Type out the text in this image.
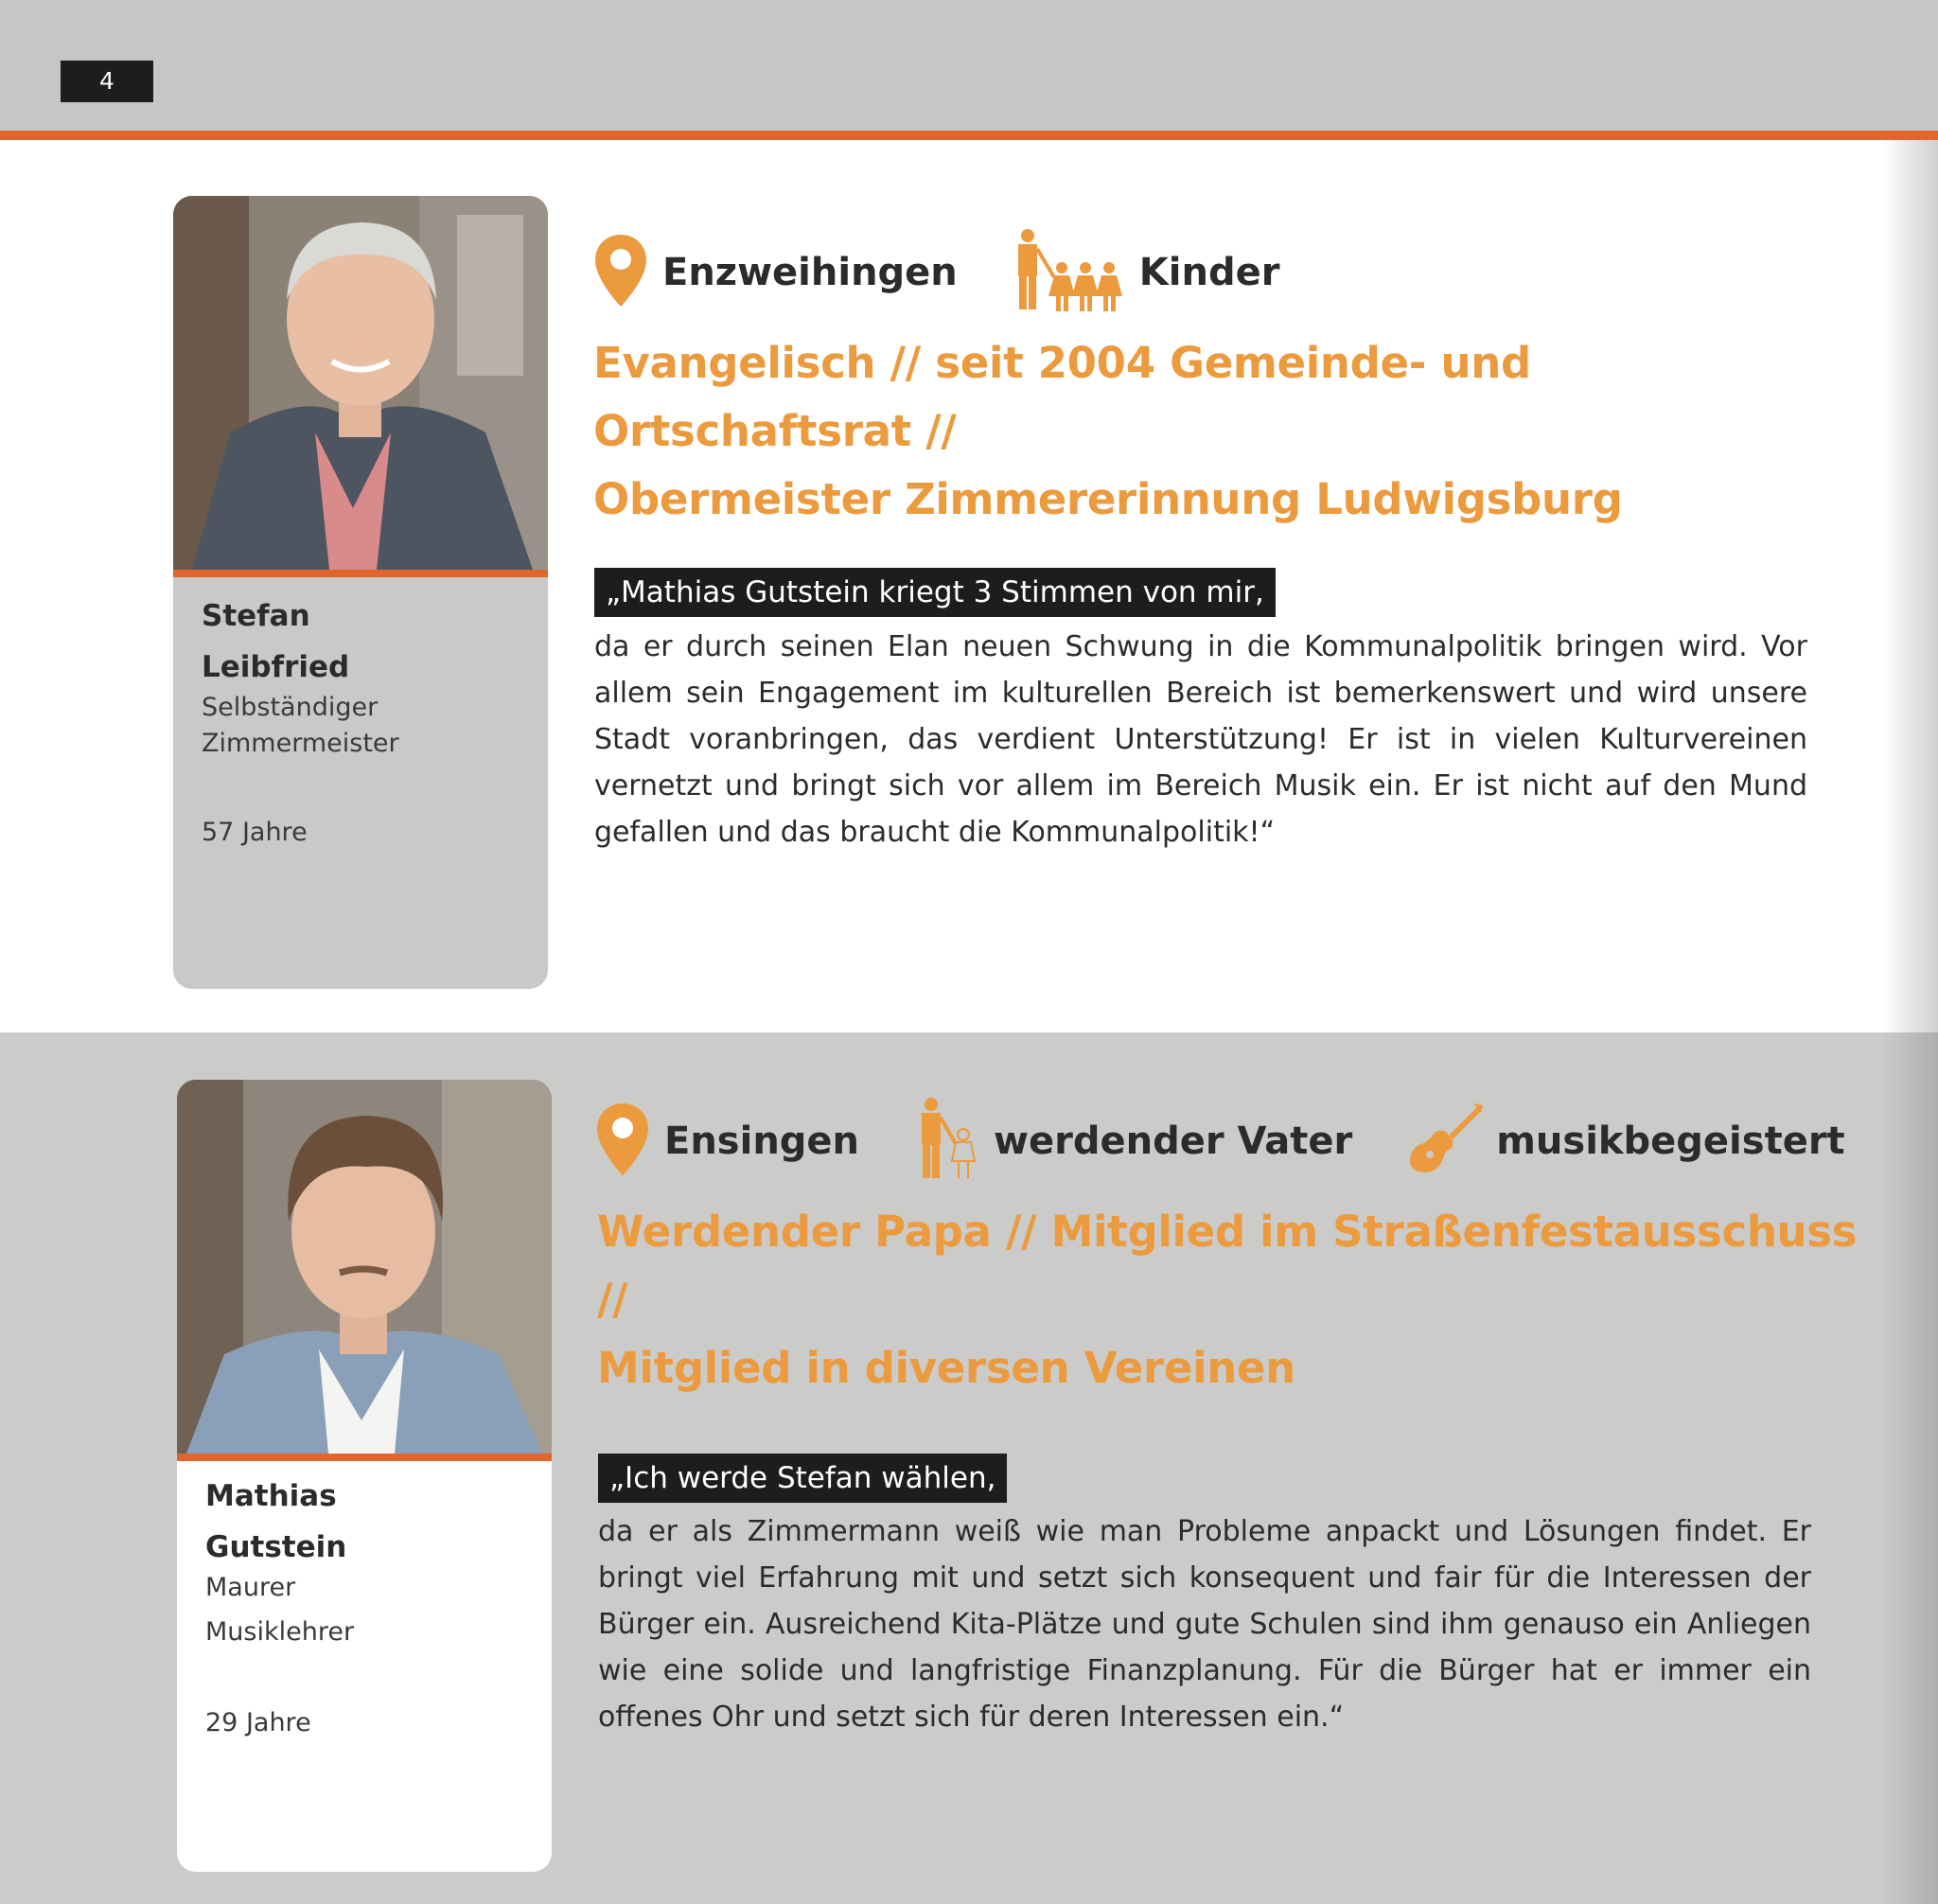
4
Stefan
Leibfried
Selbständiger
Zimmermeister
57 Jahre
Enzweihingen	Kinder
Evangelisch // seit 2004 Gemeinde- und Ortschaftsrat //
Obermeister Zimmererinnung Ludwigsburg
„Mathias Gutstein kriegt 3 Stimmen von mir,
da er durch seinen Elan neuen Schwung in die Kommunalpolitik bringen wird. Vor allem sein Engagement im kulturellen Bereich ist bemerkenswert und wird unsere Stadt voranbringen, das verdient Unterstützung! Er ist in vielen Kulturvereinen vernetzt und bringt sich vor allem im Bereich Musik ein. Er ist nicht auf den Mund gefallen und das braucht die Kommunalpolitik!“
Mathias
Gutstein
Maurer
Musiklehrer
29 Jahre
Ensingen	werdender Vater	musikbegeistert
Werdender Papa // Mitglied im Straßenfestausschuss //
Mitglied in diversen Vereinen
„Ich werde Stefan wählen,
da er als Zimmermann weiß wie man Probleme anpackt und Lösungen findet. Er bringt viel Erfahrung mit und setzt sich konsequent und fair für die Interessen der Bürger ein. Ausreichend Kita-Plätze und gute Schulen sind ihm genauso ein Anliegen wie eine solide und langfristige Finanzplanung. Für die Bürger hat er immer ein offenes Ohr und setzt sich für deren Interessen ein.“
